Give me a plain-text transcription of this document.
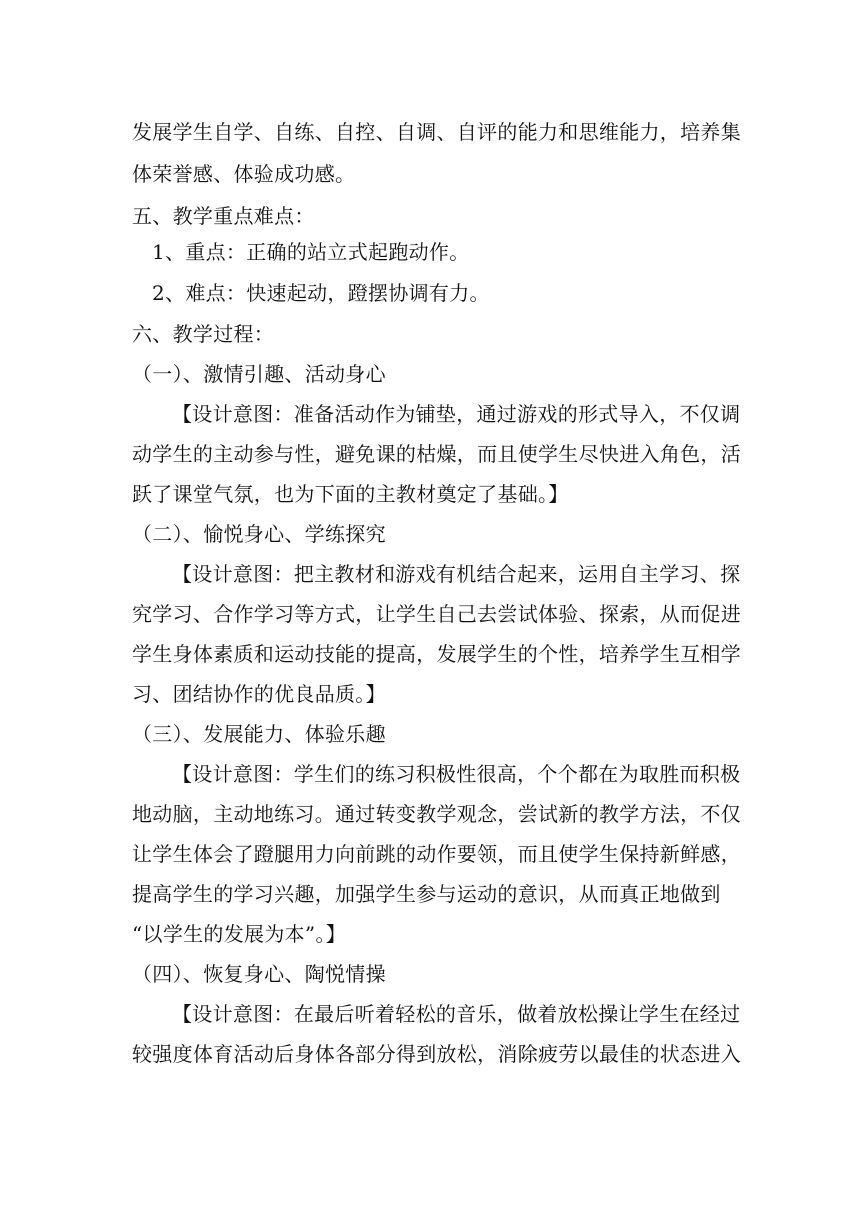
发展学生自学、自练、自控、自调、自评的能力和思维能力，培养集
体荣誉感、体验成功感。
五、教学重点难点：
1、重点：正确的站立式起跑动作。
2、难点：快速起动，蹬摆协调有力。
六、教学过程：
（一）、激情引趣、活动身心
【设计意图：准备活动作为铺垫，通过游戏的形式导入，不仅调
动学生的主动参与性，避免课的枯燥，而且使学生尽快进入角色，活
跃了课堂气氛，也为下面的主教材奠定了基础。】
（二）、愉悦身心、学练探究
【设计意图：把主教材和游戏有机结合起来，运用自主学习、探
究学习、合作学习等方式，让学生自己去尝试体验、探索，从而促进
学生身体素质和运动技能的提高，发展学生的个性，培养学生互相学
习、团结协作的优良品质。】
（三）、发展能力、体验乐趣
【设计意图：学生们的练习积极性很高，个个都在为取胜而积极
地动脑，主动地练习。通过转变教学观念，尝试新的教学方法，不仅
让学生体会了蹬腿用力向前跳的动作要领，而且使学生保持新鲜感，
提高学生的学习兴趣，加强学生参与运动的意识，从而真正地做到
“以学生的发展为本”。】
（四）、恢复身心、陶悦情操
【设计意图：在最后听着轻松的音乐，做着放松操让学生在经过
较强度体育活动后身体各部分得到放松，消除疲劳以最佳的状态进入
